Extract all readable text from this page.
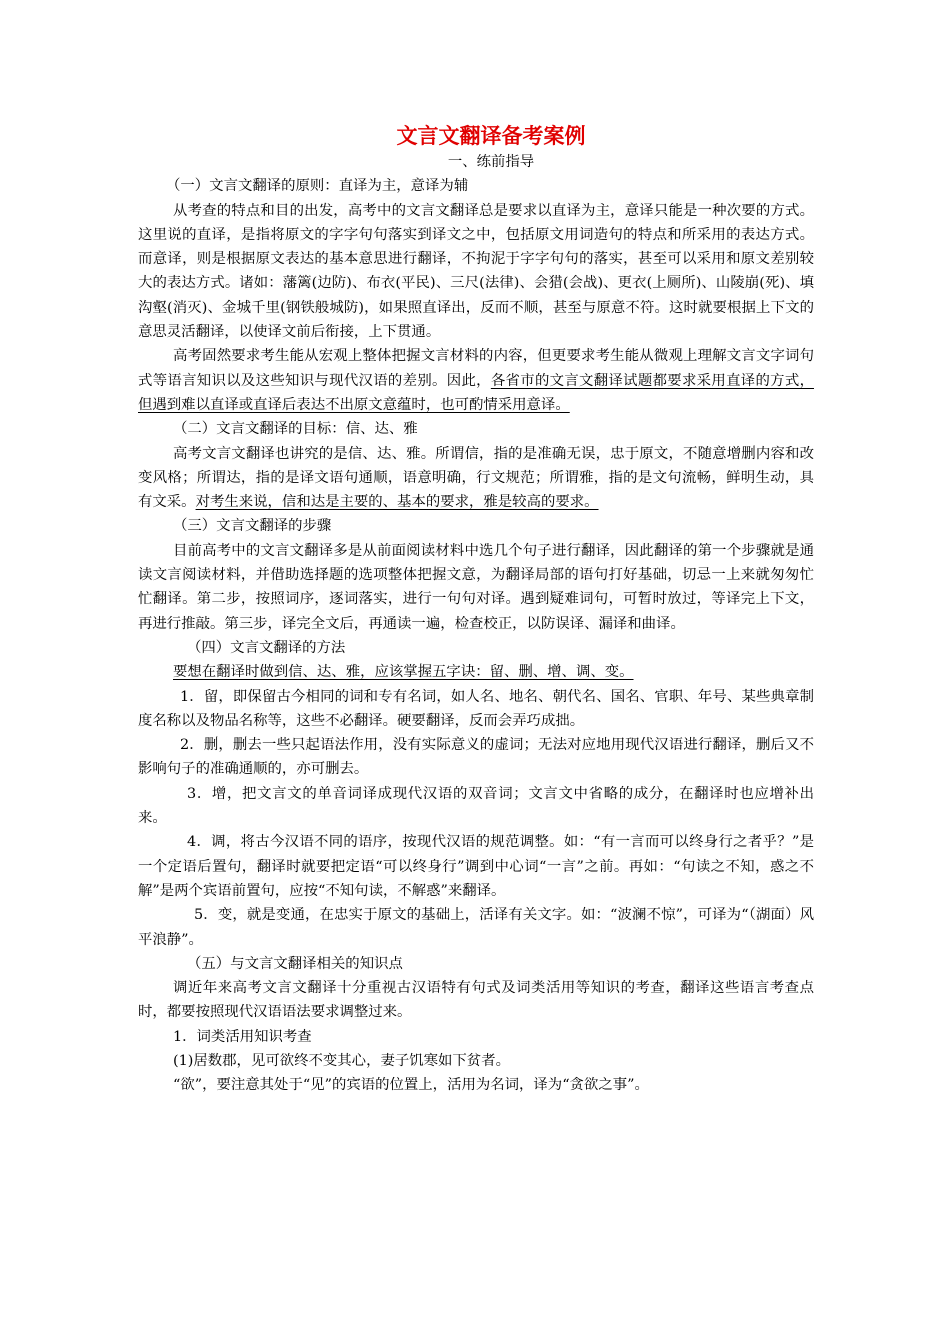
文言文翻译备考案例

一、练前指导

（一）文言文翻译的原则：直译为主，意译为辅

从考查的特点和目的出发，高考中的文言文翻译总是要求以直译为主，意译只能是一种次要的方式。这里说的直译，是指将原文的字字句句落实到译文之中，包括原文用词造句的特点和所采用的表达方式。而意译，则是根据原文表达的基本意思进行翻译，不拘泥于字字句句的落实，甚至可以采用和原文差别较大的表达方式。诸如：藩篱(边防)、布衣(平民)、三尺(法律)、会猎(会战)、更衣(上厕所)、山陵崩(死)、填沟壑(消灭)、金城千里(钢铁般城防)，如果照直译出，反而不顺，甚至与原意不符。这时就要根据上下文的意思灵活翻译，以使译文前后衔接，上下贯通。

高考固然要求考生能从宏观上整体把握文言材料的内容，但更要求考生能从微观上理解文言文字词句式等语言知识以及这些知识与现代汉语的差别。因此，各省市的文言文翻译试题都要求采用直译的方式，但遇到难以直译或直译后表达不出原文意蕴时，也可酌情采用意译。

（二）文言文翻译的目标：信、达、雅

高考文言文翻译也讲究的是信、达、雅。所谓信，指的是准确无误，忠于原文，不随意增删内容和改变风格；所谓达，指的是译文语句通顺，语意明确，行文规范；所谓雅，指的是文句流畅，鲜明生动，具有文采。对考生来说，信和达是主要的、基本的要求，雅是较高的要求。

（三）文言文翻译的步骤

目前高考中的文言文翻译多是从前面阅读材料中选几个句子进行翻译，因此翻译的第一个步骤就是通读文言阅读材料，并借助选择题的选项整体把握文意，为翻译局部的语句打好基础，切忌一上来就匆匆忙忙翻译。第二步，按照词序，逐词落实，进行一句句对译。遇到疑难词句，可暂时放过，等译完上下文，再进行推敲。第三步，译完全文后，再通读一遍，检查校正，以防误译、漏译和曲译。

（四）文言文翻译的方法

要想在翻译时做到信、达、雅，应该掌握五字诀：留、删、增、调、变。

1．留，即保留古今相同的词和专有名词，如人名、地名、朝代名、国名、官职、年号、某些典章制度名称以及物品名称等，这些不必翻译。硬要翻译，反而会弄巧成拙。

2．删，删去一些只起语法作用，没有实际意义的虚词；无法对应地用现代汉语进行翻译，删后又不影响句子的准确通顺的，亦可删去。

3．增，把文言文的单音词译成现代汉语的双音词；文言文中省略的成分，在翻译时也应增补出来。

4．调，将古今汉语不同的语序，按现代汉语的规范调整。如：“有一言而可以终身行之者乎？”是一个定语后置句，翻译时就要把定语“可以终身行”调到中心词“一言”之前。再如：“句读之不知，惑之不解”是两个宾语前置句，应按“不知句读，不解惑”来翻译。

5．变，就是变通，在忠实于原文的基础上，活译有关文字。如：“波澜不惊”，可译为“（湖面）风平浪静”。

（五）与文言文翻译相关的知识点

调近年来高考文言文翻译十分重视古汉语特有句式及词类活用等知识的考查，翻译这些语言考查点时，都要按照现代汉语语法要求调整过来。

1．词类活用知识考查

(1)居数郡，见可欲终不变其心，妻子饥寒如下贫者。

“欲”，要注意其处于“见”的宾语的位置上，活用为名词，译为“贪欲之事”。
